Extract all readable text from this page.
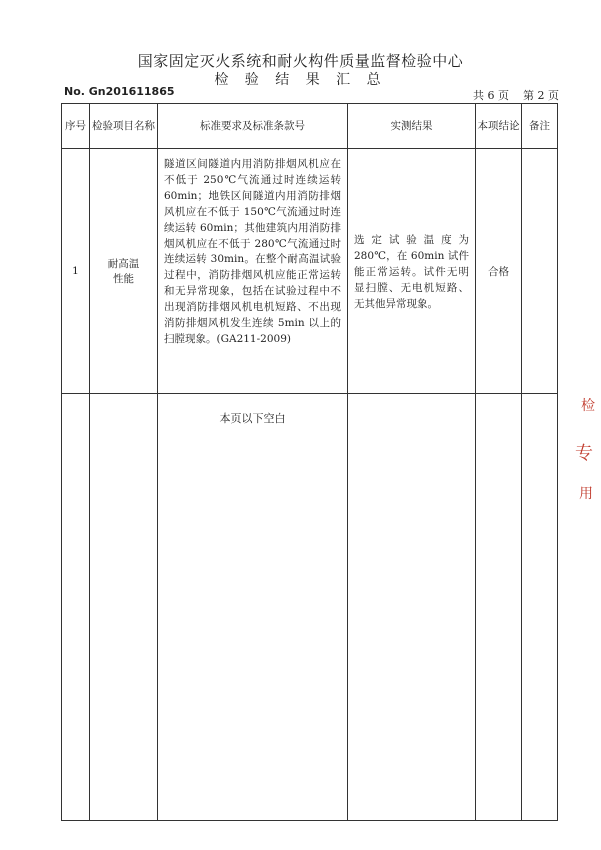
国家固定灭火系统和耐火构件质量监督检验中心
检 验 结 果 汇 总
No. Gn201611865	共 6 页 第 2 页
序号	检验项目名称	标准要求及标准条款号	实测结果	本项结论	备注
1	耐高温性能	隧道区间隧道内用消防排烟风机应在不低于 250℃气流通过时连续运转 60min；地铁区间隧道内用消防排烟风机应在不低于 150℃气流通过时连续运转 60min；其他建筑内用消防排烟风机应在不低于 280℃气流通过时连续运转 30min。在整个耐高温试验过程中，消防排烟风机应能正常运转和无异常现象，包括在试验过程中不出现消防排烟风机电机短路、不出现消防排烟风机发生连续 5min 以上的扫膛现象。(GA211-2009)	选定试验温度为280℃，在 60min 试件能正常运转。试件无明显扫膛、无电机短路、无其他异常现象。	合格	
		本页以下空白			
检
专
用
